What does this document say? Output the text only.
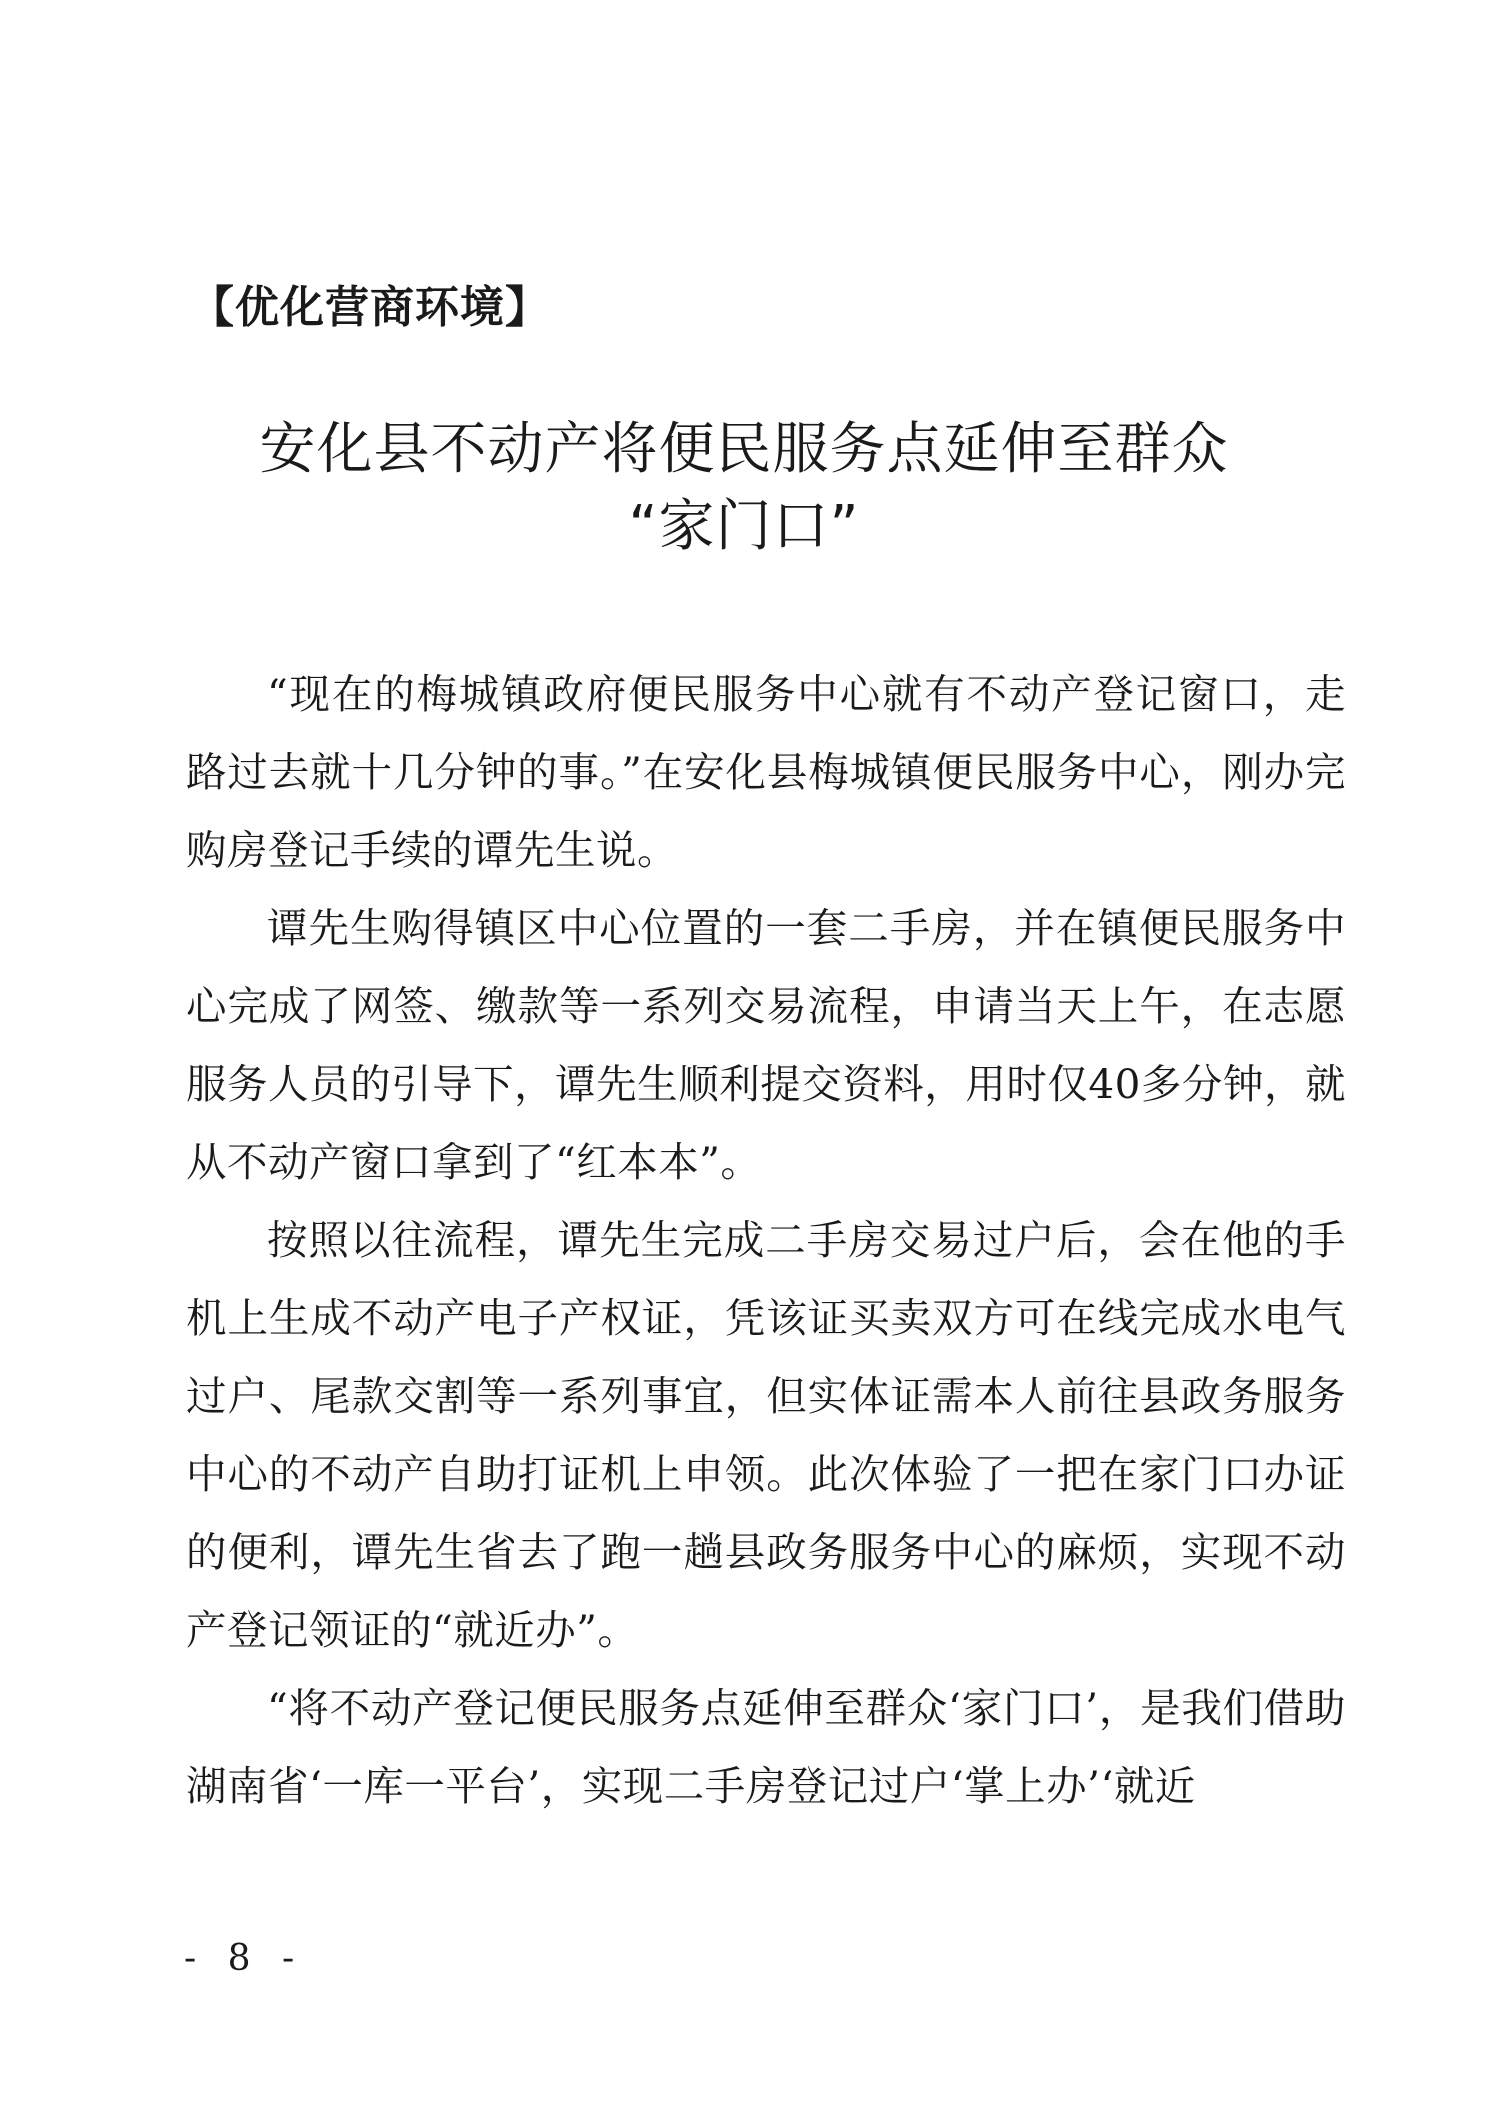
【优化营商环境】
安化县不动产将便民服务点延伸至群众
“家门口”

“现在的梅城镇政府便民服务中心就有不动产登记窗口，走路过去就十几分钟的事。”在安化县梅城镇便民服务中心，刚办完购房登记手续的谭先生说。

谭先生购得镇区中心位置的一套二手房，并在镇便民服务中心完成了网签、缴款等一系列交易流程，申请当天上午，在志愿服务人员的引导下，谭先生顺利提交资料，用时仅40多分钟，就从不动产窗口拿到了“红本本”。

按照以往流程，谭先生完成二手房交易过户后，会在他的手机上生成不动产电子产权证，凭该证买卖双方可在线完成水电气过户、尾款交割等一系列事宜，但实体证需本人前往县政务服务中心的不动产自助打证机上申领。此次体验了一把在家门口办证的便利，谭先生省去了跑一趟县政务服务中心的麻烦，实现不动产登记领证的“就近办”。

“将不动产登记便民服务点延伸至群众‘家门口’，是我们借助湖南省‘一库一平台’，实现二手房登记过户‘掌上办’‘就近

- 8 -
